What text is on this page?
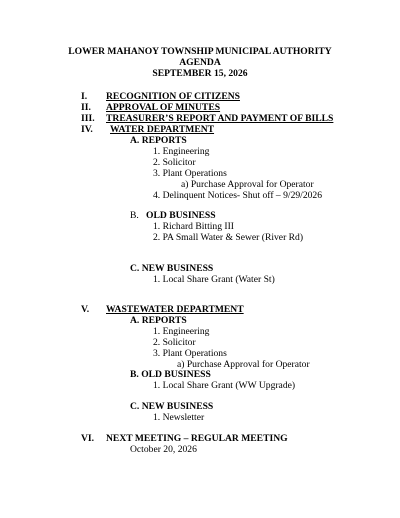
LOWER MAHANOY TOWNSHIP MUNICIPAL AUTHORITY
AGENDA
SEPTEMBER 15, 2026
I. RECOGNITION OF CITIZENS
II. APPROVAL OF MINUTES
III. TREASURER’S REPORT AND PAYMENT OF BILLS
IV. WATER DEPARTMENT
A. REPORTS
1. Engineering
2. Solicitor
3. Plant Operations
a) Purchase Approval for Operator
4. Delinquent Notices- Shut off – 9/29/2026
B. OLD BUSINESS
1. Richard Bitting III
2. PA Small Water & Sewer (River Rd)
C. NEW BUSINESS
1. Local Share Grant (Water St)
V. WASTEWATER DEPARTMENT
A. REPORTS
1. Engineering
2. Solicitor
3. Plant Operations
a) Purchase Approval for Operator
B. OLD BUSINESS
1. Local Share Grant (WW Upgrade)
C. NEW BUSINESS
1. Newsletter
VI. NEXT MEETING – REGULAR MEETING
October 20, 2026
